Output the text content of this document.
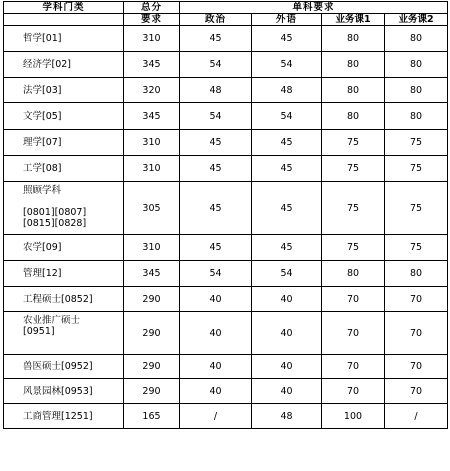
学科门类	总分	单科要求			
	要求	政治	外语	业务课1	业务课2

哲学[01]	310	45	45	80	80

经济学[02]	345	54	54	80	80

法学[03]	320	48	48	80	80

文学[05]	345	54	54	80	80

理学[07]	310	45	45	75	75

工学[08]	310	45	45	75	75

照顾学科

[0801][0807]
[0815][0828]	305	45	45	75	75

农学[09]	310	45	45	75	75

管理[12]	345	54	54	80	80

工程硕士[0852]	290	40	40	70	70

农业推广硕士
[0951]	290	40	40	70	70

兽医硕士[0952]	290	40	40	70	70

风景园林[0953]	290	40	40	70	70

工商管理[1251]	165	/	48	100	/
